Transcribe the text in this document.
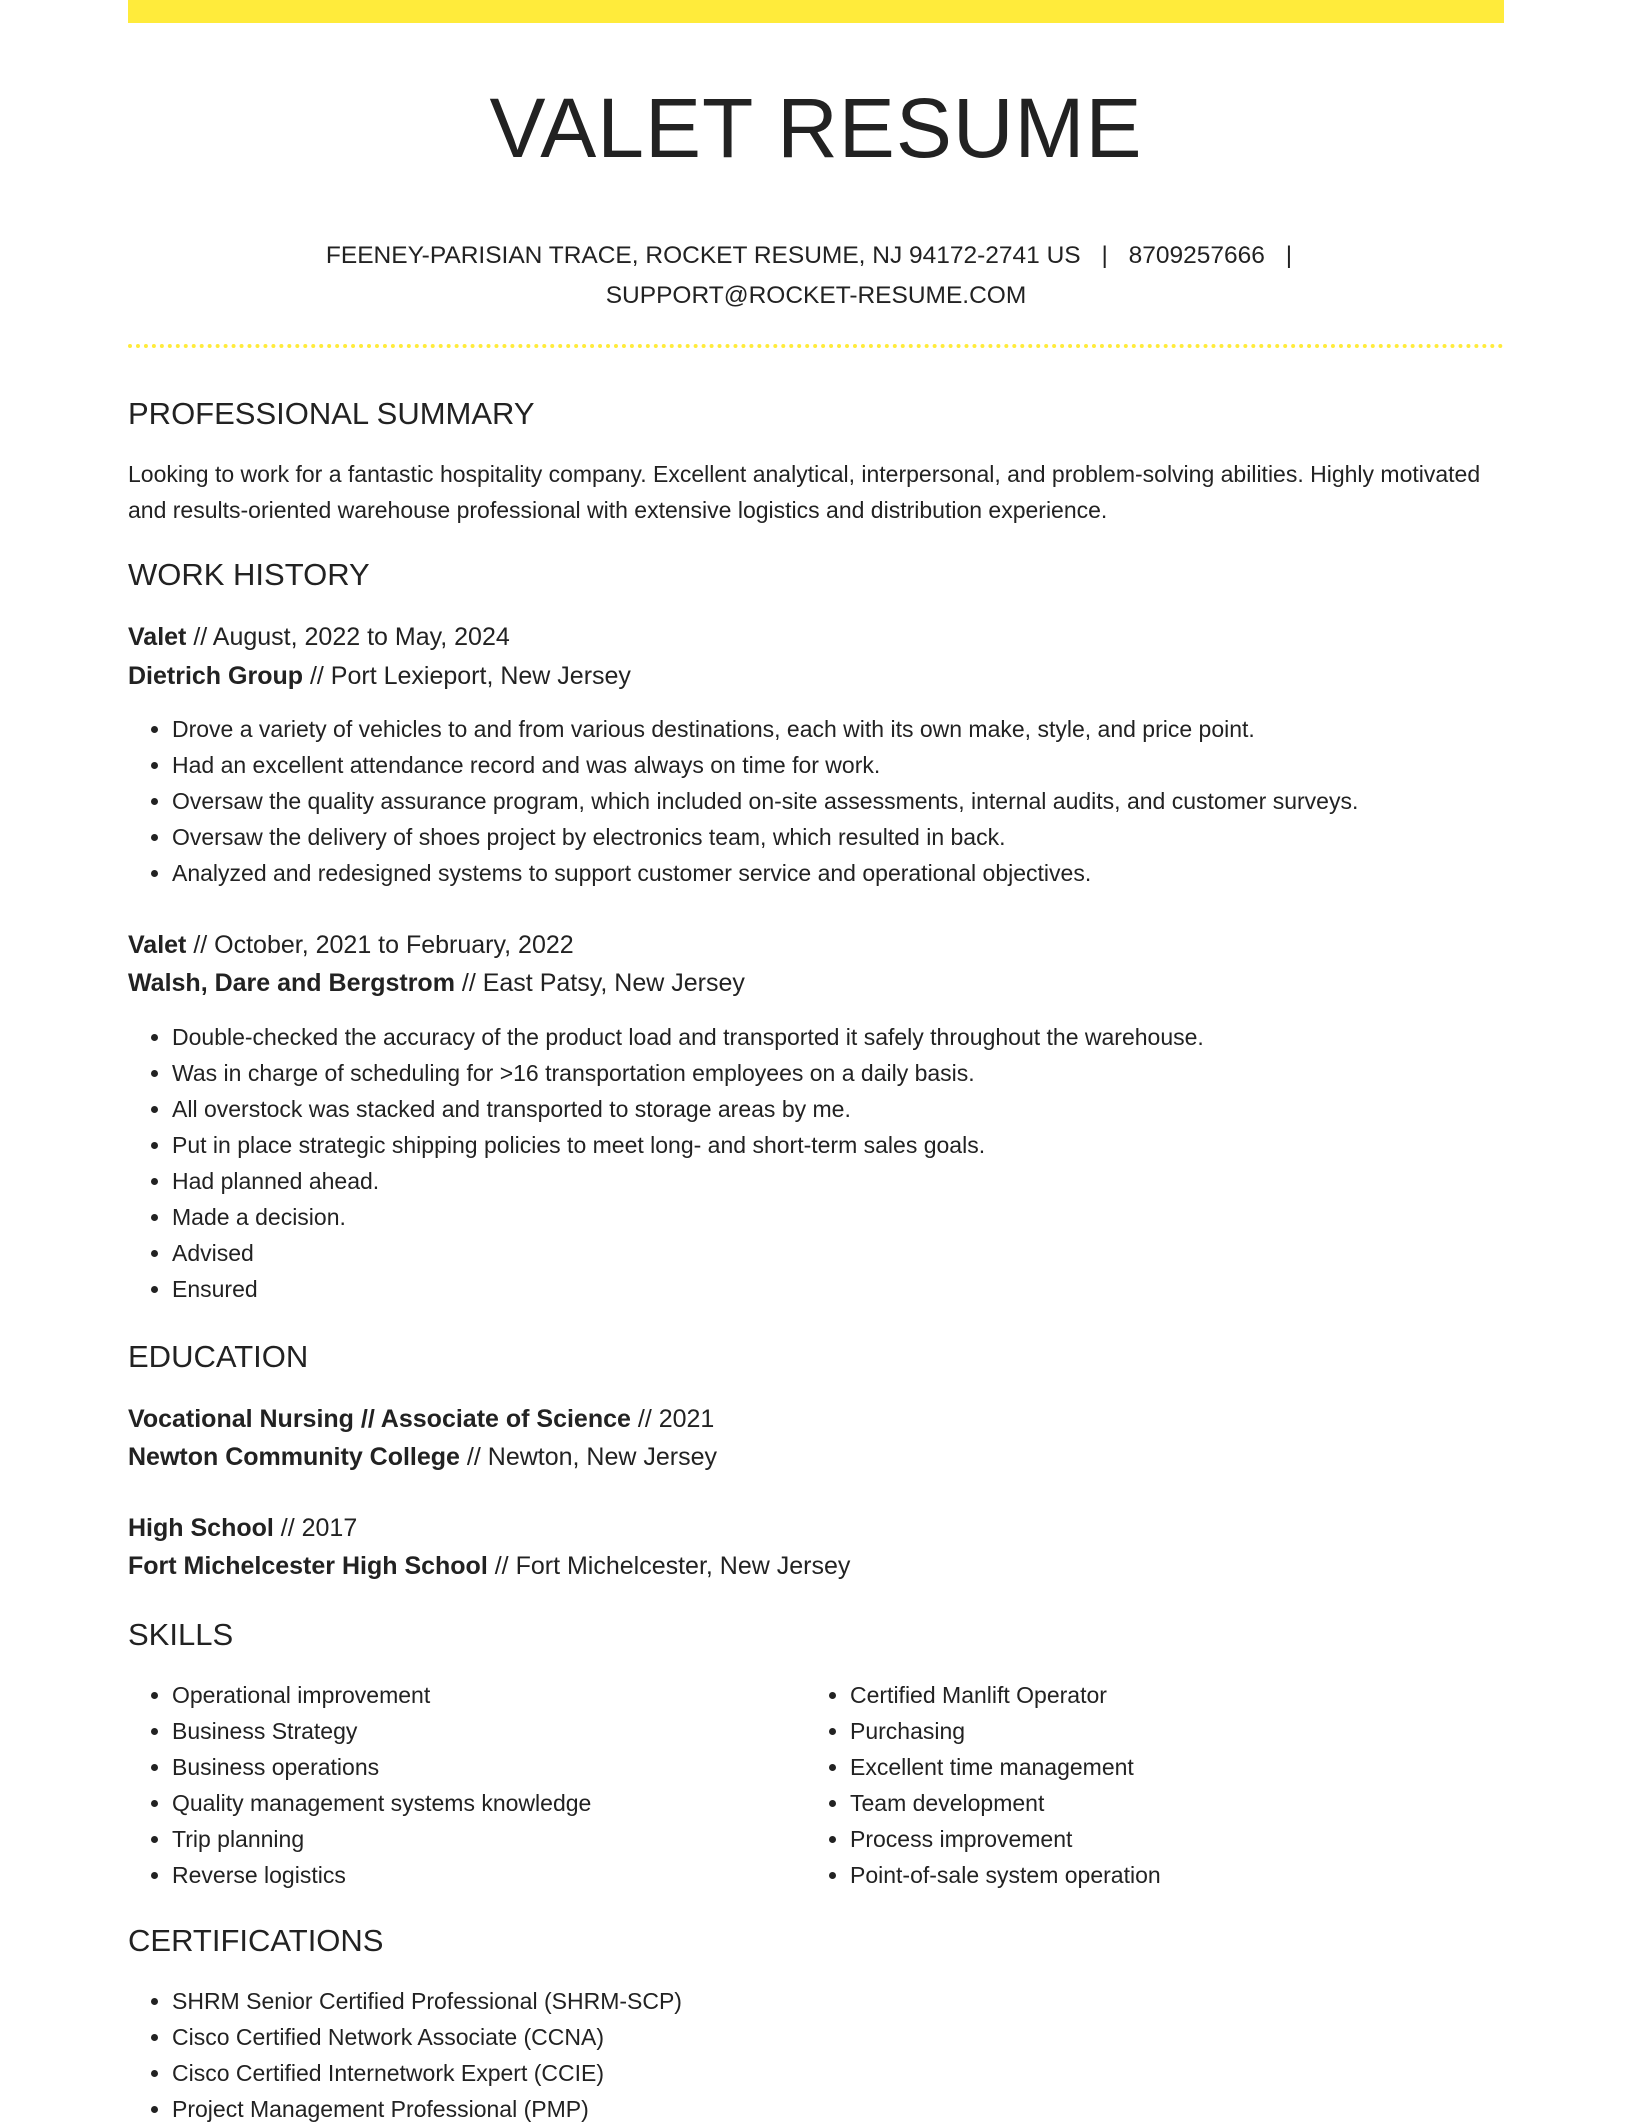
VALET RESUME
FEENEY-PARISIAN TRACE, ROCKET RESUME, NJ 94172-2741 US | 8709257666 |
SUPPORT@ROCKET-RESUME.COM
PROFESSIONAL SUMMARY

Looking to work for a fantastic hospitality company. Excellent analytical, interpersonal, and problem-solving abilities. Highly motivated and results-oriented warehouse professional with extensive logistics and distribution experience.

WORK HISTORY
Valet // August, 2022 to May, 2024
Dietrich Group // Port Lexieport, New Jersey
• Drove a variety of vehicles to and from various destinations, each with its own make, style, and price point.
• Had an excellent attendance record and was always on time for work.
• Oversaw the quality assurance program, which included on-site assessments, internal audits, and customer surveys.
• Oversaw the delivery of shoes project by electronics team, which resulted in back.
• Analyzed and redesigned systems to support customer service and operational objectives.
Valet // October, 2021 to February, 2022
Walsh, Dare and Bergstrom // East Patsy, New Jersey
• Double-checked the accuracy of the product load and transported it safely throughout the warehouse.
• Was in charge of scheduling for >16 transportation employees on a daily basis.
• All overstock was stacked and transported to storage areas by me.
• Put in place strategic shipping policies to meet long- and short-term sales goals.
• Had planned ahead.
• Made a decision.
• Advised
• Ensured
EDUCATION
Vocational Nursing // Associate of Science // 2021
Newton Community College // Newton, New Jersey
High School // 2017
Fort Michelcester High School // Fort Michelcester, New Jersey
SKILLS
• Operational improvement
• Business Strategy
• Business operations
• Quality management systems knowledge
• Trip planning
• Reverse logistics
• Certified Manlift Operator
• Purchasing
• Excellent time management
• Team development
• Process improvement
• Point-of-sale system operation
CERTIFICATIONS
• SHRM Senior Certified Professional (SHRM-SCP)
• Cisco Certified Network Associate (CCNA)
• Cisco Certified Internetwork Expert (CCIE)
• Project Management Professional (PMP)
